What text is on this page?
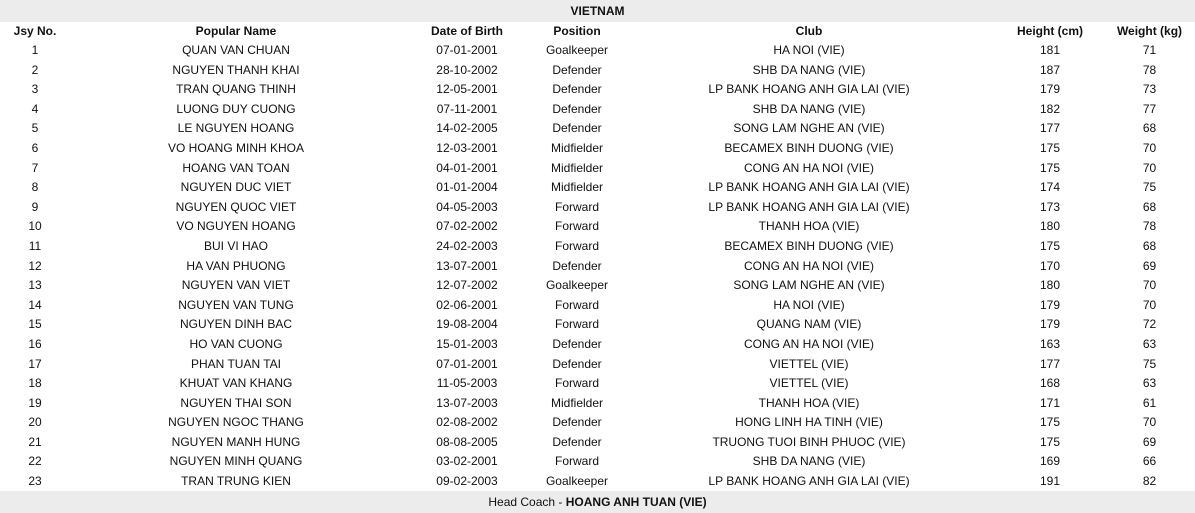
VIETNAM
Jsy No.	Popular Name	Date of Birth	Position	Club	Height (cm)	Weight (kg)
1	QUAN VAN CHUAN	07-01-2001	Goalkeeper	HA NOI (VIE)	181	71
2	NGUYEN THANH KHAI	28-10-2002	Defender	SHB DA NANG (VIE)	187	78
3	TRAN QUANG THINH	12-05-2001	Defender	LP BANK HOANG ANH GIA LAI (VIE)	179	73
4	LUONG DUY CUONG	07-11-2001	Defender	SHB DA NANG (VIE)	182	77
5	LE NGUYEN HOANG	14-02-2005	Defender	SONG LAM NGHE AN (VIE)	177	68
6	VO HOANG MINH KHOA	12-03-2001	Midfielder	BECAMEX BINH DUONG (VIE)	175	70
7	HOANG VAN TOAN	04-01-2001	Midfielder	CONG AN HA NOI (VIE)	175	70
8	NGUYEN DUC VIET	01-01-2004	Midfielder	LP BANK HOANG ANH GIA LAI (VIE)	174	75
9	NGUYEN QUOC VIET	04-05-2003	Forward	LP BANK HOANG ANH GIA LAI (VIE)	173	68
10	VO NGUYEN HOANG	07-02-2002	Forward	THANH HOA (VIE)	180	78
11	BUI VI HAO	24-02-2003	Forward	BECAMEX BINH DUONG (VIE)	175	68
12	HA VAN PHUONG	13-07-2001	Defender	CONG AN HA NOI (VIE)	170	69
13	NGUYEN VAN VIET	12-07-2002	Goalkeeper	SONG LAM NGHE AN (VIE)	180	70
14	NGUYEN VAN TUNG	02-06-2001	Forward	HA NOI (VIE)	179	70
15	NGUYEN DINH BAC	19-08-2004	Forward	QUANG NAM (VIE)	179	72
16	HO VAN CUONG	15-01-2003	Defender	CONG AN HA NOI (VIE)	163	63
17	PHAN TUAN TAI	07-01-2001	Defender	VIETTEL (VIE)	177	75
18	KHUAT VAN KHANG	11-05-2003	Forward	VIETTEL (VIE)	168	63
19	NGUYEN THAI SON	13-07-2003	Midfielder	THANH HOA (VIE)	171	61
20	NGUYEN NGOC THANG	02-08-2002	Defender	HONG LINH HA TINH (VIE)	175	70
21	NGUYEN MANH HUNG	08-08-2005	Defender	TRUONG TUOI BINH PHUOC (VIE)	175	69
22	NGUYEN MINH QUANG	03-02-2001	Forward	SHB DA NANG (VIE)	169	66
23	TRAN TRUNG KIEN	09-02-2003	Goalkeeper	LP BANK HOANG ANH GIA LAI (VIE)	191	82
Head Coach - HOANG ANH TUAN (VIE)
